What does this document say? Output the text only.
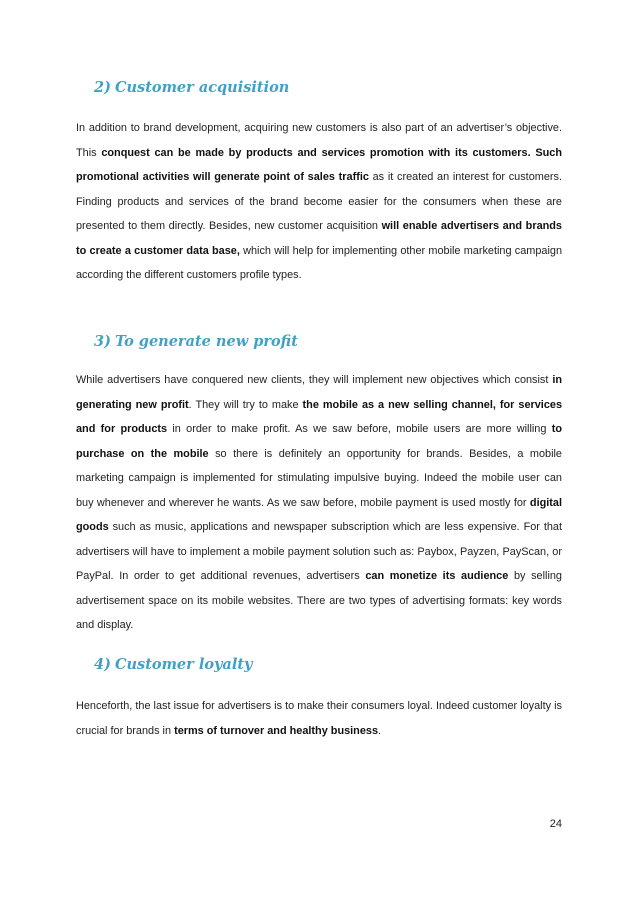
2) Customer acquisition

In addition to brand development, acquiring new customers is also part of an advertiser’s objective. This conquest can be made by products and services promotion with its customers. Such promotional activities will generate point of sales traffic as it created an interest for customers. Finding products and services of the brand become easier for the consumers when these are presented to them directly. Besides, new customer acquisition will enable advertisers and brands to create a customer data base, which will help for implementing other mobile marketing campaign according the different customers profile types.

3) To generate new profit

While advertisers have conquered new clients, they will implement new objectives which consist in generating new profit. They will try to make the mobile as a new selling channel, for services and for products in order to make profit. As we saw before, mobile users are more willing to purchase on the mobile so there is definitely an opportunity for brands. Besides, a mobile marketing campaign is implemented for stimulating impulsive buying. Indeed the mobile user can buy whenever and wherever he wants. As we saw before, mobile payment is used mostly for digital goods such as music, applications and newspaper subscription which are less expensive. For that advertisers will have to implement a mobile payment solution such as: Paybox, Payzen, PayScan, or PayPal. In order to get additional revenues, advertisers can monetize its audience by selling advertisement space on its mobile websites. There are two types of advertising formats: key words and display.

4) Customer loyalty

Henceforth, the last issue for advertisers is to make their consumers loyal. Indeed customer loyalty is crucial for brands in terms of turnover and healthy business.

24
